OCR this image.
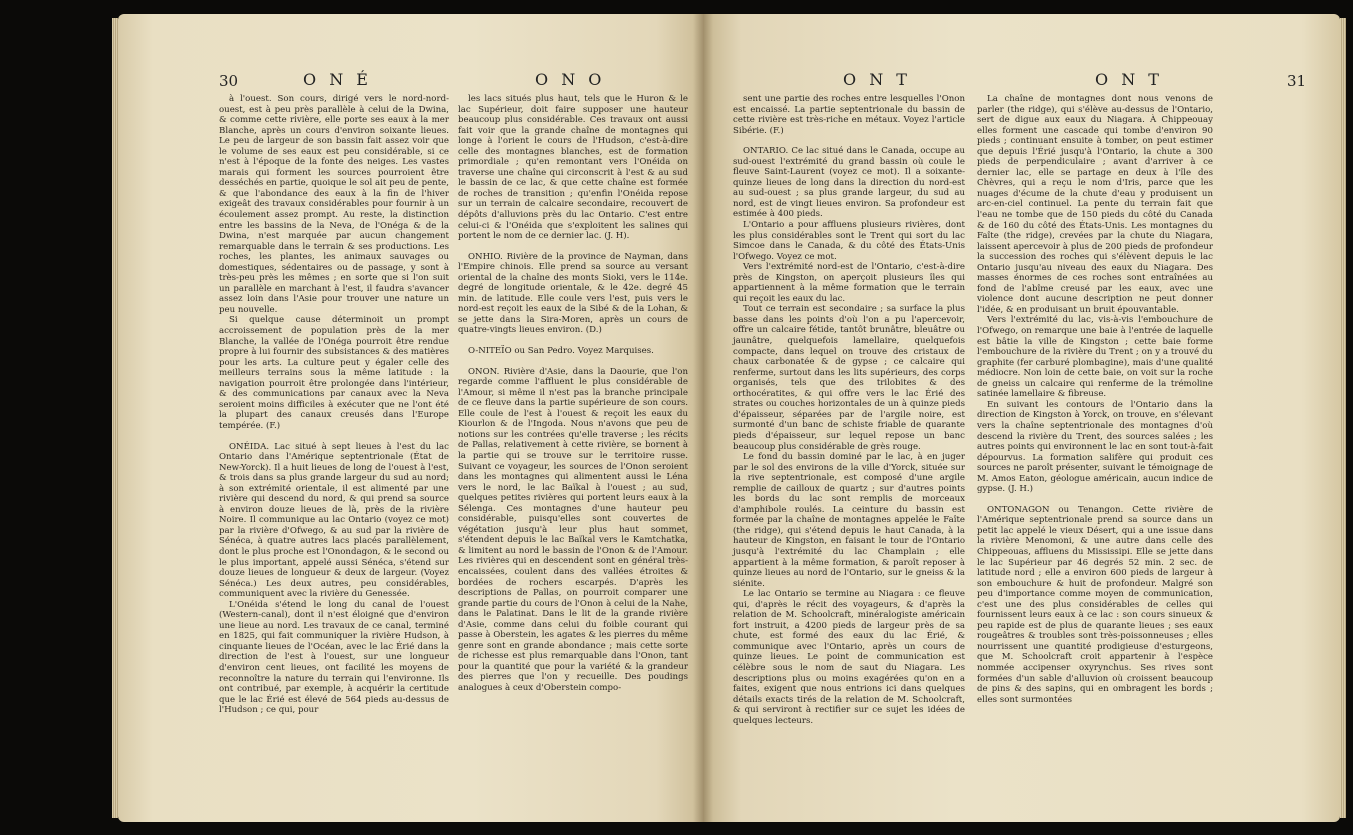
30	O N É	O N O

à l'ouest. Son cours, dirigé vers le nord-nord-ouest, est à peu près parallèle à celui de la Dwina, & comme cette rivière, elle porte ses eaux à la mer Blanche, après un cours d'environ soixante lieues. Le peu de largeur de son bassin fait assez voir que le volume de ses eaux est peu considérable, si ce n'est à l'époque de la fonte des neiges. Les vastes marais qui forment les sources pourroient être desséchés en partie, quoique le sol ait peu de pente, & que l'abondance des eaux à la fin de l'hiver exigeât des travaux considérables pour fournir à un écoulement assez prompt. Au reste, la distinction entre les bassins de la Neva, de l'Onéga & de la Dwina, n'est marquée par aucun changement remarquable dans le terrain & ses productions. Les roches, les plantes, les animaux sauvages ou domestiques, sédentaires ou de passage, y sont à très-peu près les mêmes ; en sorte que si l'on suit un parallèle en marchant à l'est, il faudra s'avancer assez loin dans l'Asie pour trouver une nature un peu nouvelle.

Si quelque cause déterminoit un prompt accroissement de population près de la mer Blanche, la vallée de l'Onéga pourroit être rendue propre à lui fournir des subsistances & des matières pour les arts. La culture peut y égaler celle des meilleurs terrains sous la même latitude : la navigation pourroit être prolongée dans l'intérieur, & des communications par canaux avec la Neva seroient moins difficiles à exécuter que ne l'ont été la plupart des canaux creusés dans l'Europe tempérée. (F.)

ONÉIDA. Lac situé à sept lieues à l'est du lac Ontario dans l'Amérique septentrionale (État de New-Yorck). Il a huit lieues de long de l'ouest à l'est, & trois dans sa plus grande largeur du sud au nord; à son extrémité orientale, il est alimenté par une rivière qui descend du nord, & qui prend sa source à environ douze lieues de là, près de la rivière Noire. Il communique au lac Ontario (voyez ce mot) par la rivière d'Ofwego, & au sud par la rivière de Sénéca, à quatre autres lacs placés parallèlement, dont le plus proche est l'Onondagon, & le second ou le plus important, appelé aussi Sénéca, s'étend sur douze lieues de longueur & deux de largeur. (Voyez Sénéca.) Les deux autres, peu considérables, communiquent avec la rivière du Genessée.

L'Onéida s'étend le long du canal de l'ouest (Western-canal), dont il n'est éloigné que d'environ une lieue au nord. Les travaux de ce canal, terminé en 1825, qui fait communiquer la rivière Hudson, à cinquante lieues de l'Océan, avec le lac Érié dans la direction de l'est à l'ouest, sur une longueur d'environ cent lieues, ont facilité les moyens de reconnoître la nature du terrain qui l'environne. Ils ont contribué, par exemple, à acquérir la certitude que le lac Érié est élevé de 564 pieds au-dessus de l'Hudson ; ce qui, pour

les lacs situés plus haut, tels que le Huron & le lac Supérieur, doit faire supposer une hauteur beaucoup plus considérable. Ces travaux ont aussi fait voir que la grande chaîne de montagnes qui longe à l'orient le cours de l'Hudson, c'est-à-dire celle des montagnes blanches, est de formation primordiale ; qu'en remontant vers l'Onéida on traverse une chaîne qui circonscrit à l'est & au sud le bassin de ce lac, & que cette chaîne est formée de roches de transition ; qu'enfin l'Onéida repose sur un terrain de calcaire secondaire, recouvert de dépôts d'alluvions près du lac Ontario. C'est entre celui-ci & l'Onéida que s'exploitent les salines qui portent le nom de ce dernier lac. (J. H).

ONHIO. Rivière de la province de Nayman, dans l'Empire chinois. Elle prend sa source au versant oriental de la chaîne des monts Sioki, vers le 114e. degré de longitude orientale, & le 42e. degré 45 min. de latitude. Elle coule vers l'est, puis vers le nord-est reçoit les eaux de la Sibé & de la Lohan, & se jette dans la Sira-Moren, après un cours de quatre-vingts lieues environ. (D.)

O-NITEÏO ou San Pedro. Voyez Marquises.

ONON. Rivière d'Asie, dans la Daourie, que l'on regarde comme l'affluent le plus considérable de l'Amour, si même il n'est pas la branche principale de ce fleuve dans la partie supérieure de son cours. Elle coule de l'est à l'ouest & reçoit les eaux du Kiourlon & de l'Ingoda. Nous n'avons que peu de notions sur les contrées qu'elle traverse ; les récits de Pallas, relativement à cette rivière, se bornent à la partie qui se trouve sur le territoire russe. Suivant ce voyageur, les sources de l'Onon seroient dans les montagnes qui alimentent aussi le Léna vers le nord, le lac Baïkal à l'ouest ; au sud, quelques petites rivières qui portent leurs eaux à la Sélenga. Ces montagnes d'une hauteur peu considérable, puisqu'elles sont couvertes de végétation jusqu'à leur plus haut sommet, s'étendent depuis le lac Baïkal vers le Kamtchatka, & limitent au nord le bassin de l'Onon & de l'Amour. Les rivières qui en descendent sont en général très-encaissées, coulent dans des vallées étroites & bordées de rochers escarpés. D'après les descriptions de Pallas, on pourroit comparer une grande partie du cours de l'Onon à celui de la Nahe, dans le Palatinat. Dans le lit de la grande rivière d'Asie, comme dans celui du foible courant qui passe à Oberstein, les agates & les pierres du même genre sont en grande abondance ; mais cette sorte de richesse est plus remarquable dans l'Onon, tant pour la quantité que pour la variété & la grandeur des pierres que l'on y recueille. Des poudings analogues à ceux d'Oberstein compo-

O N T	O N T	31

sent une partie des roches entre lesquelles l'Onon est encaissé. La partie septentrionale du bassin de cette rivière est très-riche en métaux. Voyez l'article Sibérie. (F.)

ONTARIO. Ce lac situé dans le Canada, occupe au sud-ouest l'extrémité du grand bassin où coule le fleuve Saint-Laurent (voyez ce mot). Il a soixante-quinze lieues de long dans la direction du nord-est au sud-ouest ; sa plus grande largeur, du sud au nord, est de vingt lieues environ. Sa profondeur est estimée à 400 pieds.

L'Ontario a pour affluens plusieurs rivières, dont les plus considérables sont le Trent qui sort du lac Simcoe dans le Canada, & du côté des États-Unis l'Ofwego. Voyez ce mot.

Vers l'extrémité nord-est de l'Ontario, c'est-à-dire près de Kingston, on aperçoit plusieurs îles qui appartiennent à la même formation que le terrain qui reçoit les eaux du lac.

Tout ce terrain est secondaire ; sa surface la plus basse dans les points d'où l'on a pu l'apercevoir, offre un calcaire fétide, tantôt brunâtre, bleuâtre ou jaunâtre, quelquefois lamellaire, quelquefois compacte, dans lequel on trouve des cristaux de chaux carbonatée & de gypse ; ce calcaire qui renferme, surtout dans les lits supérieurs, des corps organisés, tels que des trilobites & des orthocératites, & qui offre vers le lac Érié des strates ou couches horizontales de un à quinze pieds d'épaisseur, séparées par de l'argile noire, est surmonté d'un banc de schiste friable de quarante pieds d'épaisseur, sur lequel repose un banc beaucoup plus considérable de grès rouge.

Le fond du bassin dominé par le lac, à en juger par le sol des environs de la ville d'Yorck, située sur la rive septentrionale, est composé d'une argile remplie de cailloux de quartz ; sur d'autres points les bords du lac sont remplis de morceaux d'amphibole roulés. La ceinture du bassin est formée par la chaîne de montagnes appelée le Faîte (the ridge), qui s'étend depuis le haut Canada, à la hauteur de Kingston, en faisant le tour de l'Ontario jusqu'à l'extrémité du lac Champlain ; elle appartient à la même formation, & paroît reposer à quinze lieues au nord de l'Ontario, sur le gneiss & la siénite.

Le lac Ontario se termine au Niagara : ce fleuve qui, d'après le récit des voyageurs, & d'après la relation de M. Schoolcraft, minéralogiste américain fort instruit, a 4200 pieds de largeur près de sa chute, est formé des eaux du lac Érié, & communique avec l'Ontario, après un cours de quinze lieues. Le point de communication est célèbre sous le nom de saut du Niagara. Les descriptions plus ou moins exagérées qu'on en a faites, exigent que nous entrions ici dans quelques détails exacts tirés de la relation de M. Schoolcraft, & qui serviront à rectifier sur ce sujet les idées de quelques lecteurs.

La chaîne de montagnes dont nous venons de parler (the ridge), qui s'élève au-dessus de l'Ontario, sert de digue aux eaux du Niagara. À Chippeouay elles forment une cascade qui tombe d'environ 90 pieds ; continuant ensuite à tomber, on peut estimer que depuis l'Érié jusqu'à l'Ontario, la chute a 300 pieds de perpendiculaire ; avant d'arriver à ce dernier lac, elle se partage en deux à l'île des Chèvres, qui a reçu le nom d'Iris, parce que les nuages d'écume de la chute d'eau y produisent un arc-en-ciel continuel. La pente du terrain fait que l'eau ne tombe que de 150 pieds du côté du Canada & de 160 du côté des États-Unis. Les montagnes du Faîte (the ridge), crevées par la chute du Niagara, laissent apercevoir à plus de 200 pieds de profondeur la succession des roches qui s'élèvent depuis le lac Ontario jusqu'au niveau des eaux du Niagara. Des masses énormes de ces roches sont entraînées au fond de l'abîme creusé par les eaux, avec une violence dont aucune description ne peut donner l'idée, & en produisant un bruit épouvantable.

Vers l'extrémité du lac, vis-à-vis l'embouchure de l'Ofwego, on remarque une baie à l'entrée de laquelle est bâtie la ville de Kingston ; cette baie forme l'embouchure de la rivière du Trent ; on y a trouvé du graphite (fer carburé plombagine), mais d'une qualité médiocre. Non loin de cette baie, on voit sur la roche de gneiss un calcaire qui renferme de la trémoline satinée lamellaire & fibreuse.

En suivant les contours de l'Ontario dans la direction de Kingston à Yorck, on trouve, en s'élevant vers la chaîne septentrionale des montagnes d'où descend la rivière du Trent, des sources salées ; les autres points qui environnent le lac en sont tout-à-fait dépourvus. La formation salifère qui produit ces sources ne paroît présenter, suivant le témoignage de M. Amos Eaton, géologue américain, aucun indice de gypse. (J. H.)

ONTONAGON ou Tenangon. Cette rivière de l'Amérique septentrionale prend sa source dans un petit lac appelé le vieux Désert, qui a une issue dans la rivière Menomoni, & une autre dans celle des Chippeouas, affluens du Mississipi. Elle se jette dans le lac Supérieur par 46 degrés 52 min. 2 sec. de latitude nord ; elle a environ 600 pieds de largeur à son embouchure & huit de profondeur. Malgré son peu d'importance comme moyen de communication, c'est une des plus considérables de celles qui fournissent leurs eaux à ce lac : son cours sinueux & peu rapide est de plus de quarante lieues ; ses eaux rougeâtres & troubles sont très-poissonneuses ; elles nourrissent une quantité prodigieuse d'esturgeons, que M. Schoolcraft croit appartenir à l'espèce nommée accipenser oxyrynchus. Ses rives sont formées d'un sable d'alluvion où croissent beaucoup de pins & des sapins, qui en ombragent les bords ; elles sont surmontées
